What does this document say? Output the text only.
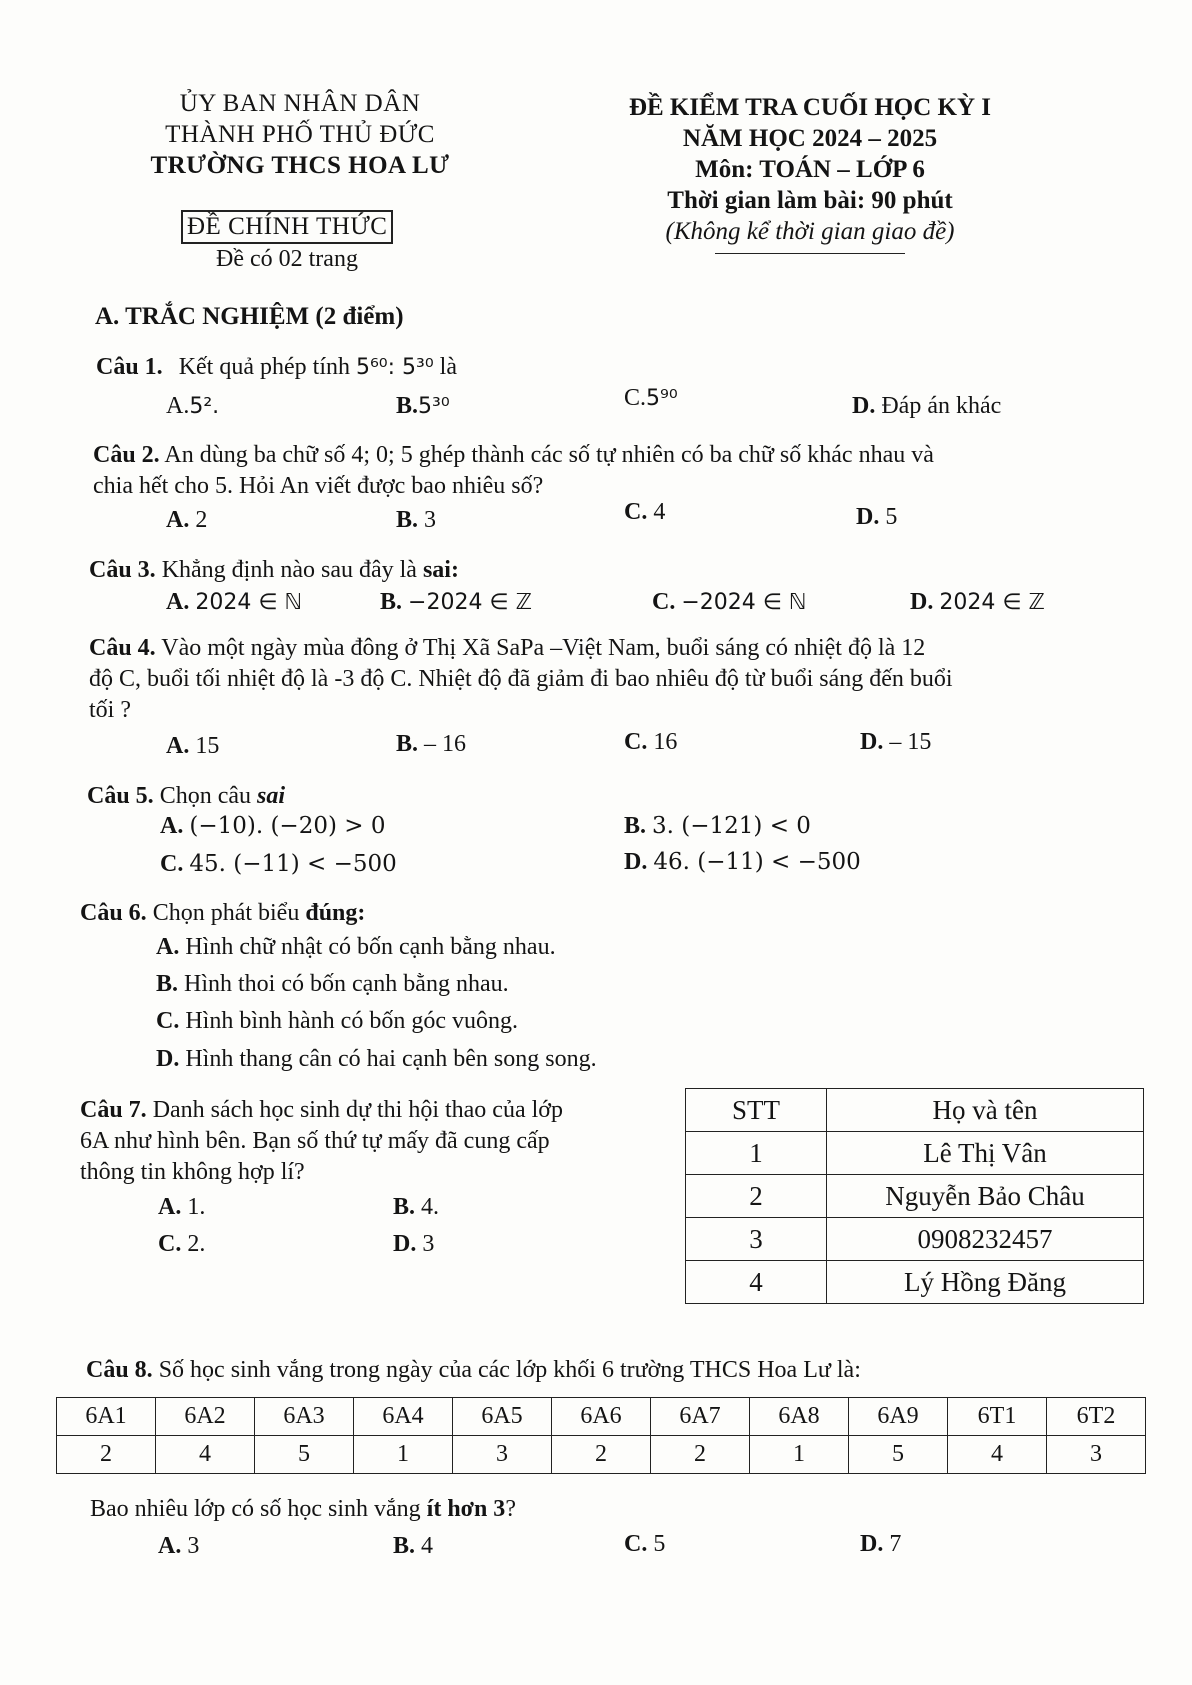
ỦY BAN NHÂN DÂN
THÀNH PHỐ THỦ ĐỨC
TRƯỜNG THCS HOA LƯ
ĐỀ KIỂM TRA CUỐI HỌC KỲ I
NĂM HỌC 2024 – 2025
Môn: TOÁN – LỚP 6
Thời gian làm bài: 90 phút
(Không kể thời gian giao đề)
ĐỀ CHÍNH THỨC
Đề có 02 trang
A. TRẮC NGHIỆM (2 điểm)
Câu 1. Kết quả phép tính 5⁶⁰: 5³⁰ là
A.5².	B.5³⁰	C.5⁹⁰	D. Đáp án khác
Câu 2. An dùng ba chữ số 4; 0; 5 ghép thành các số tự nhiên có ba chữ số khác nhau và
chia hết cho 5. Hỏi An viết được bao nhiêu số?
A. 2	B. 3	C. 4	D. 5
Câu 3. Khẳng định nào sau đây là sai:
A. 2024 ∈ ℕ	B. −2024 ∈ ℤ	C. −2024 ∈ ℕ	D. 2024 ∈ ℤ
Câu 4. Vào một ngày mùa đông ở Thị Xã SaPa –Việt Nam, buổi sáng có nhiệt độ là 12
độ C, buổi tối nhiệt độ là -3 độ C. Nhiệt độ đã giảm đi bao nhiêu độ từ buổi sáng đến buổi
tối ?
A. 15	B. – 16	C. 16	D. – 15
Câu 5. Chọn câu sai
A. (−10). (−20) > 0	B. 3. (−121) < 0
C. 45. (−11) < −500	D. 46. (−11) < −500
Câu 6. Chọn phát biểu đúng:
A. Hình chữ nhật có bốn cạnh bằng nhau.
B. Hình thoi có bốn cạnh bằng nhau.
C. Hình bình hành có bốn góc vuông.
D. Hình thang cân có hai cạnh bên song song.
Câu 7. Danh sách học sinh dự thi hội thao của lớp
6A như hình bên. Bạn số thứ tự mấy đã cung cấp
thông tin không hợp lí?
A. 1.	B. 4.
C. 2.	D. 3
STT	Họ và tên
1	Lê Thị Vân
2	Nguyễn Bảo Châu
3	0908232457
4	Lý Hồng Đăng
Câu 8. Số học sinh vắng trong ngày của các lớp khối 6 trường THCS Hoa Lư là:
6A1	6A2	6A3	6A4	6A5	6A6	6A7	6A8	6A9	6T1	6T2
2	4	5	1	3	2	2	1	5	4	3
Bao nhiêu lớp có số học sinh vắng ít hơn 3?
A. 3	B. 4	C. 5	D. 7
